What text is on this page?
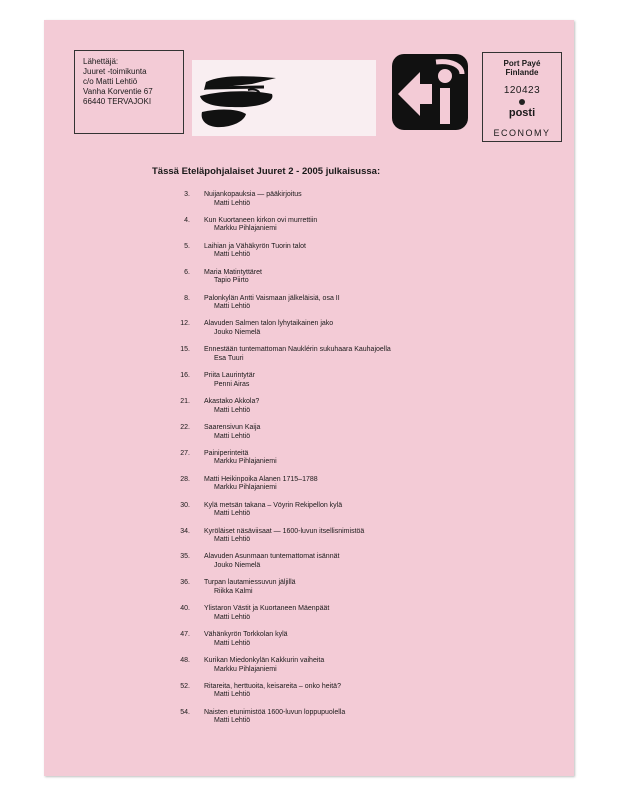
Lähettäjä:
Juuret -toimikunta
c/o Matti Lehtiö
Vanha Korventie 67
66440 TERVAJOKI
Port Payé
Finlande
120423
posti
ECONOMY
Tässä Eteläpohjalaiset Juuret 2 - 2005 julkaisussa:
3. Nuijankopauksia — pääkirjoitus
Matti Lehtiö
4. Kun Kuortaneen kirkon ovi murrettiin
Markku Pihlajaniemi
5. Laihian ja Vähäkyrön Tuorin talot
Matti Lehtiö
6. Maria Matintyttäret
Tapio Piirto
8. Palonkylän Antti Vaismaan jälkeläisiä, osa II
Matti Lehtiö
12. Alavuden Salmen talon lyhytaikainen jako
Jouko Niemelä
15. Ennestään tuntemattoman Nauklérin sukuhaara Kauhajoella
Esa Tuuri
16. Priita Laurintytär
Penni Airas
21. Akastako Akkola?
Matti Lehtiö
22. Saarensivun Kaija
Matti Lehtiö
27. Painiperinteitä
Markku Pihlajaniemi
28. Matti Heikinpoika Alanen 1715–1788
Markku Pihlajaniemi
30. Kylä metsän takana – Vöyrin Rekipellon kylä
Matti Lehtiö
34. Kyröläiset näsäviisaat — 1600-luvun itsellisnimistöä
Matti Lehtiö
35. Alavuden Asunmaan tuntemattomat isännät
Jouko Niemelä
36. Turpan lautamiessuvun jäljillä
Riikka Kalmi
40. Ylistaron Västit ja Kuortaneen Mäenpäät
Matti Lehtiö
47. Vähänkyrön Torkkolan kylä
Matti Lehtiö
48. Kurikan Miedonkylän Kakkurin vaiheita
Markku Pihlajaniemi
52. Ritareita, herttuoita, keisareita – onko heitä?
Matti Lehtiö
54. Naisten etunimistöä 1600-luvun loppupuolella
Matti Lehtiö
